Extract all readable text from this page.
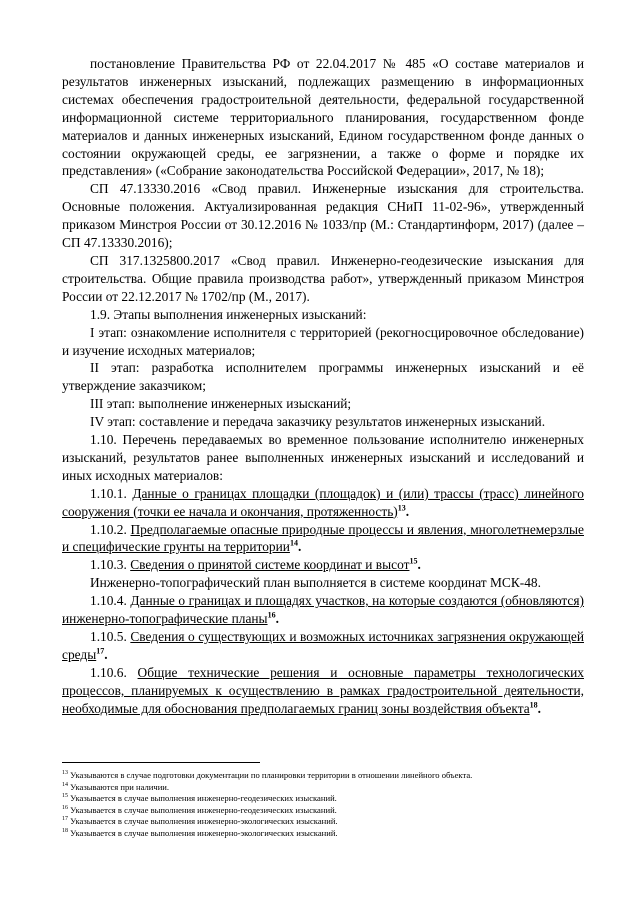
постановление Правительства РФ от 22.04.2017 № 485 «О составе материалов и результатов инженерных изысканий, подлежащих размещению в информационных системах обеспечения градостроительной деятельности, федеральной государственной информационной системе территориального планирования, государственном фонде материалов и данных инженерных изысканий, Едином государственном фонде данных о состоянии окружающей среды, ее загрязнении, а также о форме и порядке их представления» («Собрание законодательства Российской Федерации», 2017, № 18);

СП 47.13330.2016 «Свод правил. Инженерные изыскания для строительства. Основные положения. Актуализированная редакция СНиП 11-02-96», утвержденный приказом Минстроя России от 30.12.2016 № 1033/пр (М.: Стандартинформ, 2017) (далее – СП 47.13330.2016);

СП 317.1325800.2017 «Свод правил. Инженерно-геодезические изыскания для строительства. Общие правила производства работ», утвержденный приказом Минстроя России от 22.12.2017 № 1702/пр (М., 2017).

1.9. Этапы выполнения инженерных изысканий:

I этап: ознакомление исполнителя с территорией (рекогносцировочное обследование) и изучение исходных материалов;

II этап: разработка исполнителем программы инженерных изысканий и её утверждение заказчиком;

III этап: выполнение инженерных изысканий;

IV этап: составление и передача заказчику результатов инженерных изысканий.

1.10. Перечень передаваемых во временное пользование исполнителю инженерных изысканий, результатов ранее выполненных инженерных изысканий и исследований и иных исходных материалов:

1.10.1. Данные о границах площадки (площадок) и (или) трассы (трасс) линейного сооружения (точки ее начала и окончания, протяженность)$^{13}$.

1.10.2. Предполагаемые опасные природные процессы и явления, многолетнемерзлые и специфические грунты на территории$^{14}$.

1.10.3. Сведения о принятой системе координат и высот$^{15}$.

Инженерно-топографический план выполняется в системе координат МСК-48.

1.10.4. Данные о границах и площадях участков, на которые создаются (обновляются) инженерно-топографические планы$^{16}$.

1.10.5. Сведения о существующих и возможных источниках загрязнения окружающей среды$^{17}$.

1.10.6. Общие технические решения и основные параметры технологических процессов, планируемых к осуществлению в рамках градостроительной деятельности, необходимые для обоснования предполагаемых границ зоны воздействия объекта$^{18}$.

$^{13}$ Указываются в случае подготовки документации по планировки территории в отношении линейного объекта.
$^{14}$ Указываются при наличии.
$^{15}$ Указывается в случае выполнения инженерно-геодезических изысканий.
$^{16}$ Указывается в случае выполнения инженерно-геодезических изысканий.
$^{17}$ Указывается в случае выполнения инженерно-экологических изысканий.
$^{18}$ Указывается в случае выполнения инженерно-экологических изысканий.
